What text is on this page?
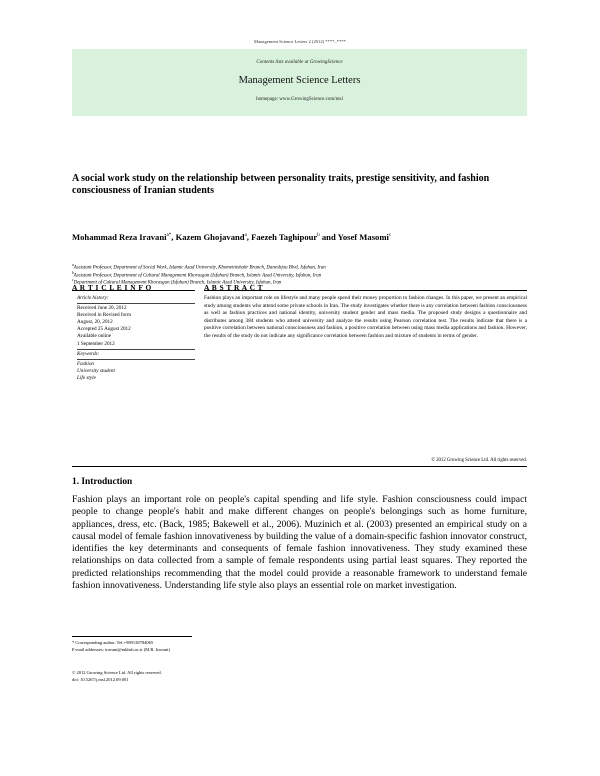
Management Science Letters 2 (2012) ****–****
Contents lists available at GrowingScience
Management Science Letters
homepage: www.GrowingScience.com/msl
A social work study on the relationship between personality traits, prestige sensitivity, and fashion consciousness of Iranian students
Mohammad Reza Iravani$^{a*}$, Kazem Ghojavand$^a$, Faezeh Taghipour$^b$ and Yosef Masomi$^c$
$^a$Assistant Professor, Department of Social Work, Islamic Azad University, Khomeinishahr Branch, Daneshjou Blvd, Isfahan, Iran
$^b$Assistant Professor, Department of Cultural Management Khorasgan (Isfahan) Branch, Islamic Azad University, Isfahan, Iran
$^c$Department of Cultural Management Khorasgan (Isfahan) Branch, Islamic Azad University, Isfahan, Iran
A R T I C L E I N F O	A B S T R A C T
Article history:
Received June 20, 2012
Received in Revised form
August, 20, 2012
Accepted 25 August 2012
Available online
1 September 2012
Keywords:
Fashion
University student
Life style
Fashion plays an important role on lifestyle and many people spend their money proportion to fashion changes. In this paper, we present an empirical study among students who attend some private schools in Iran. The study investigates whether there is any correlation between fashion consciousness as well as fashion practices and national identity, university student gender and mass media. The proposed study designs a questionnaire and distributes among 384 students who attend university and analyze the results using Pearson correlation test. The results indicate that there is a positive correlation between national consciousness and fashion, a positive correlation between using mass media applications and fashion. However, the results of the study do not indicate any significance correlation between fashion and mixture of students in terms of gender.
© 2012 Growing Science Ltd. All rights reserved.
1. Introduction
Fashion plays an important role on people's capital spending and life style. Fashion consciousness could impact people to change people's habit and make different changes on people's belongings such as home furniture, appliances, dress, etc. (Back, 1985; Bakewell et al., 2006). Muzinich et al. (2003) presented an empirical study on a causal model of female fashion innovativeness by building the value of a domain-specific fashion innovator construct, identifies the key determinants and consequents of female fashion innovativeness. They study examined these relationships on data collected from a sample of female respondents using partial least squares. They reported the predicted relationships recommending that the model could provide a reasonable framework to understand female fashion innovativeness. Understanding life style also plays an essential role on market investigation.
* Corresponding author. Tel:+989138784065
E-mail addresses: iravani@mkhsh.ac.ir (M.R. Iravani)
© 2012 Growing Science Ltd. All rights reserved.
doi: 10.5267/j.msl.2012.09.001
